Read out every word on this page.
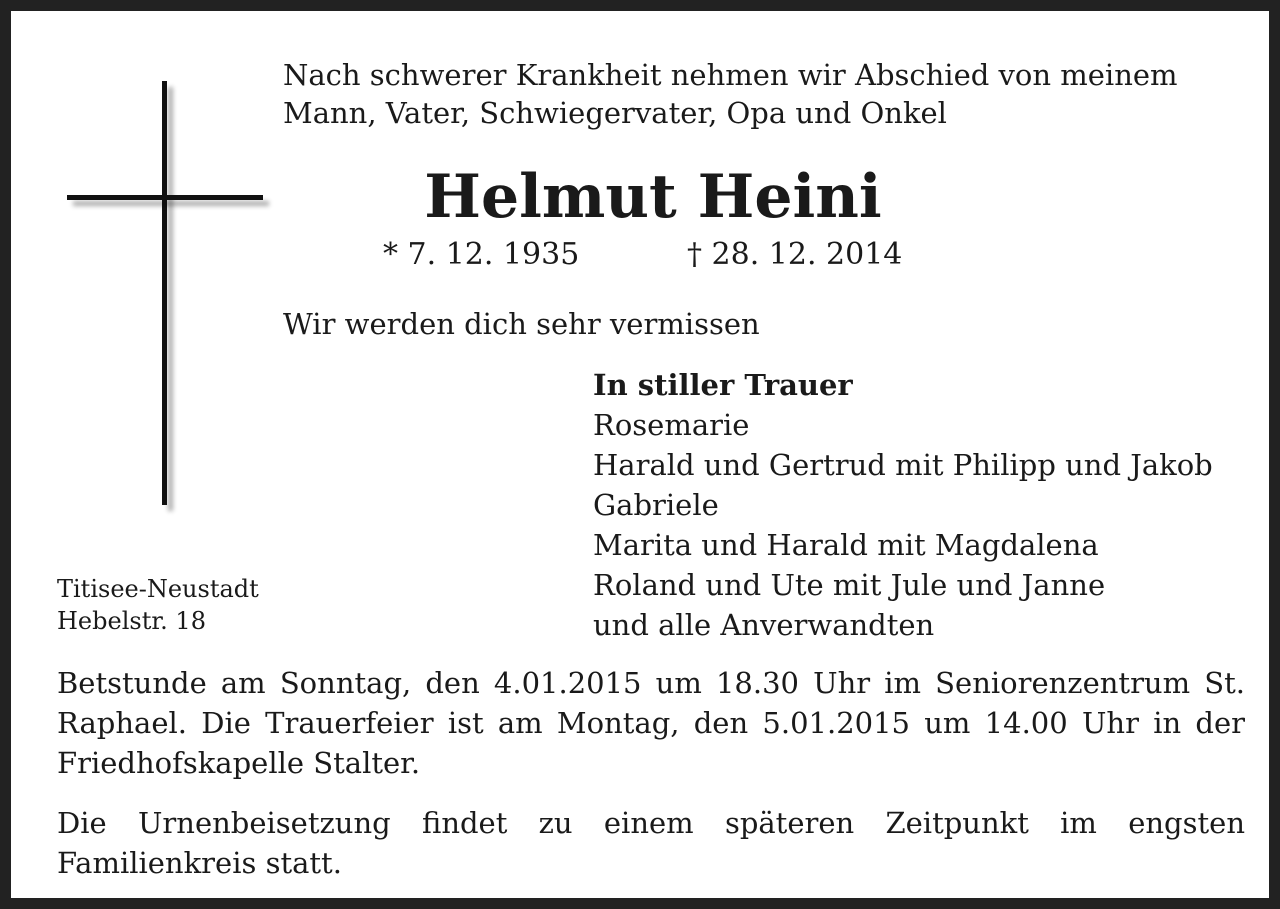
Nach schwerer Krankheit nehmen wir Abschied von meinem
Mann, Vater, Schwiegervater, Opa und Onkel
Helmut Heini
* 7. 12. 1935	† 28. 12. 2014
Wir werden dich sehr vermissen
In stiller Trauer
Rosemarie
Harald und Gertrud mit Philipp und Jakob
Gabriele
Marita und Harald mit Magdalena
Roland und Ute mit Jule und Janne
und alle Anverwandten
Titisee-Neustadt
Hebelstr. 18
Betstunde am Sonntag, den 4.01.2015 um 18.30 Uhr im Seniorenzentrum St. Raphael. Die Trauerfeier ist am Montag, den 5.01.2015 um 14.00 Uhr in der Friedhofskapelle Stalter.
Die Urnenbeisetzung findet zu einem späteren Zeitpunkt im engsten Familienkreis statt.
